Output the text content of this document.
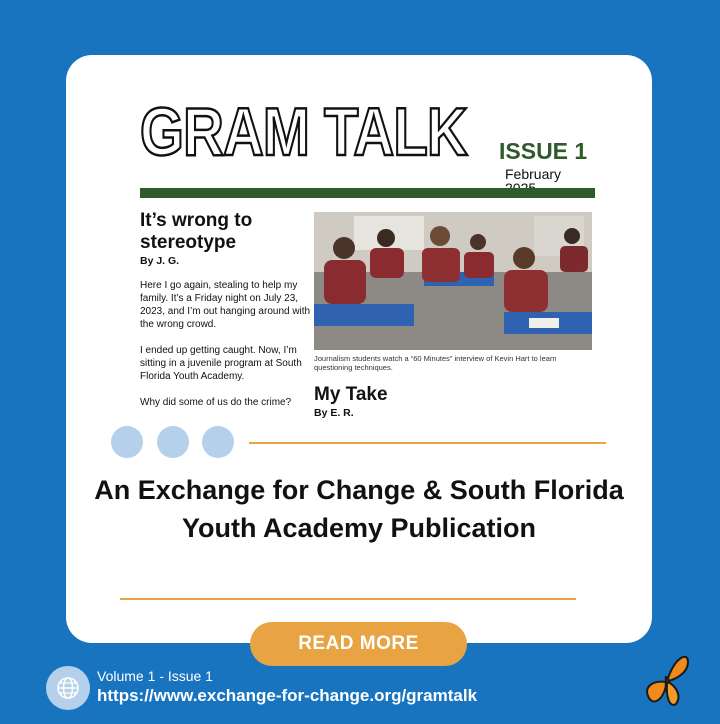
GRAM TALK ISSUE 1
February
It’s wrong to stereotype
By J. G.

Here I go again, stealing to help my family. It’s a Friday night on July 23, 2023, and I’m out hanging around with the wrong crowd.

I ended up getting caught. Now, I’m sitting in a juvenile program at South Florida Youth Academy.

Why did some of us do the crime?

Journalism students watch a “60 Minutes” interview of Kevin Hart to learn questioning techniques.
My Take
By E. R.
An Exchange for Change & South Florida Youth Academy Publication
READ MORE
Volume 1 - Issue 1
https://www.exchange-for-change.org/gramtalk
